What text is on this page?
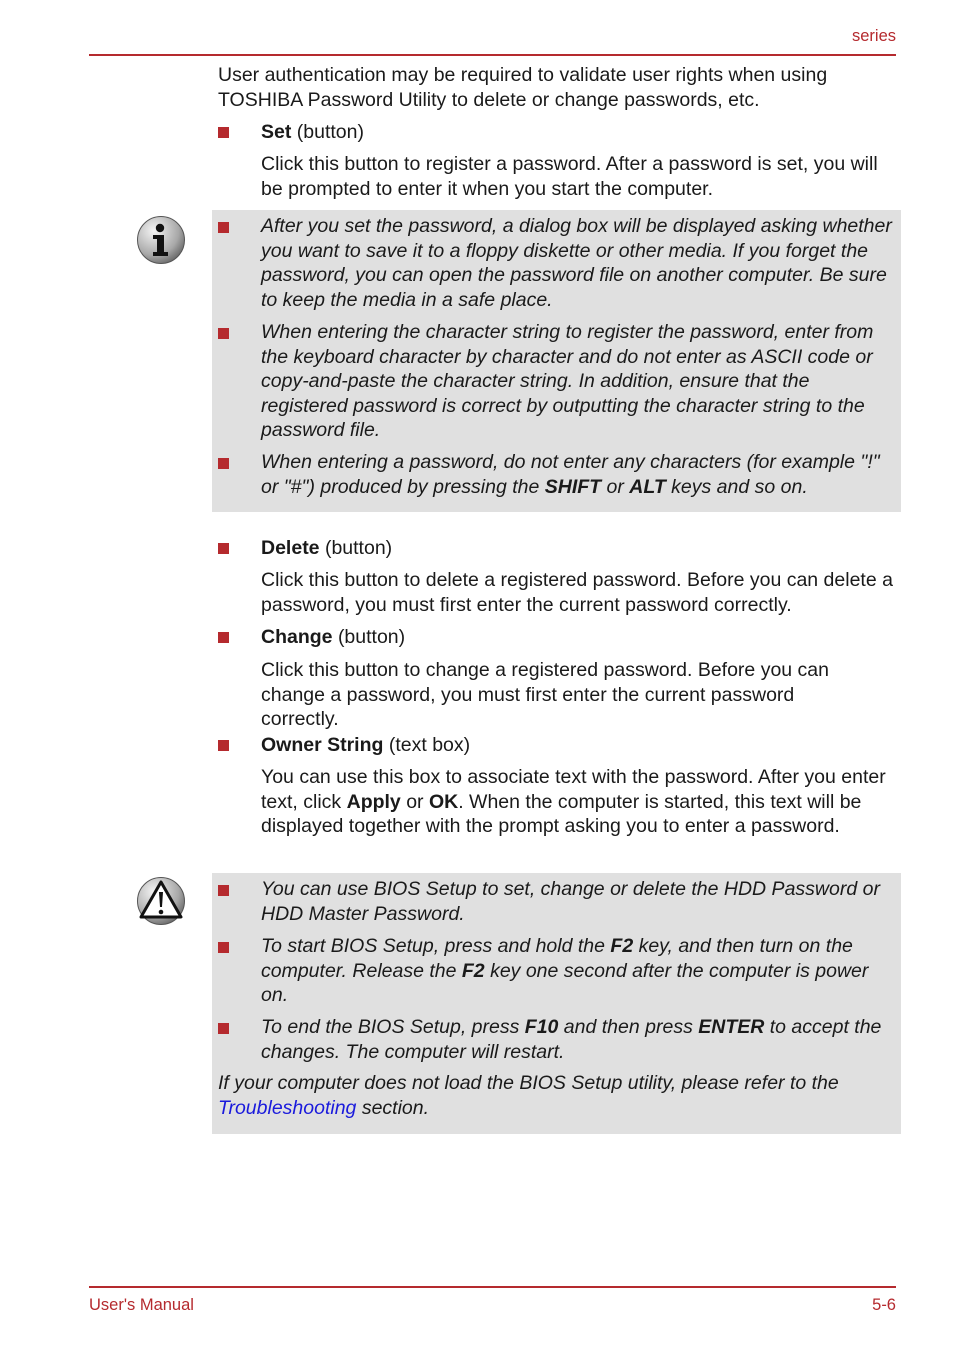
series
User authentication may be required to validate user rights when using TOSHIBA Password Utility to delete or change passwords, etc.
Set (button)
Click this button to register a password. After a password is set, you will be prompted to enter it when you start the computer.
After you set the password, a dialog box will be displayed asking whether you want to save it to a floppy diskette or other media. If you forget the password, you can open the password file on another computer. Be sure to keep the media in a safe place.
When entering the character string to register the password, enter from the keyboard character by character and do not enter as ASCII code or copy-and-paste the character string. In addition, ensure that the registered password is correct by outputting the character string to the password file.
When entering a password, do not enter any characters (for example "!" or "#") produced by pressing the SHIFT or ALT keys and so on.
Delete (button)
Click this button to delete a registered password. Before you can delete a password, you must first enter the current password correctly.
Change (button)
Click this button to change a registered password. Before you can change a password, you must first enter the current password correctly.
Owner String (text box)
You can use this box to associate text with the password. After you enter text, click Apply or OK. When the computer is started, this text will be displayed together with the prompt asking you to enter a password.
You can use BIOS Setup to set, change or delete the HDD Password or HDD Master Password.
To start BIOS Setup, press and hold the F2 key, and then turn on the computer. Release the F2 key one second after the computer is power on.
To end the BIOS Setup, press F10 and then press ENTER to accept the changes. The computer will restart.
If your computer does not load the BIOS Setup utility, please refer to the Troubleshooting section.
User's Manual	5-6
